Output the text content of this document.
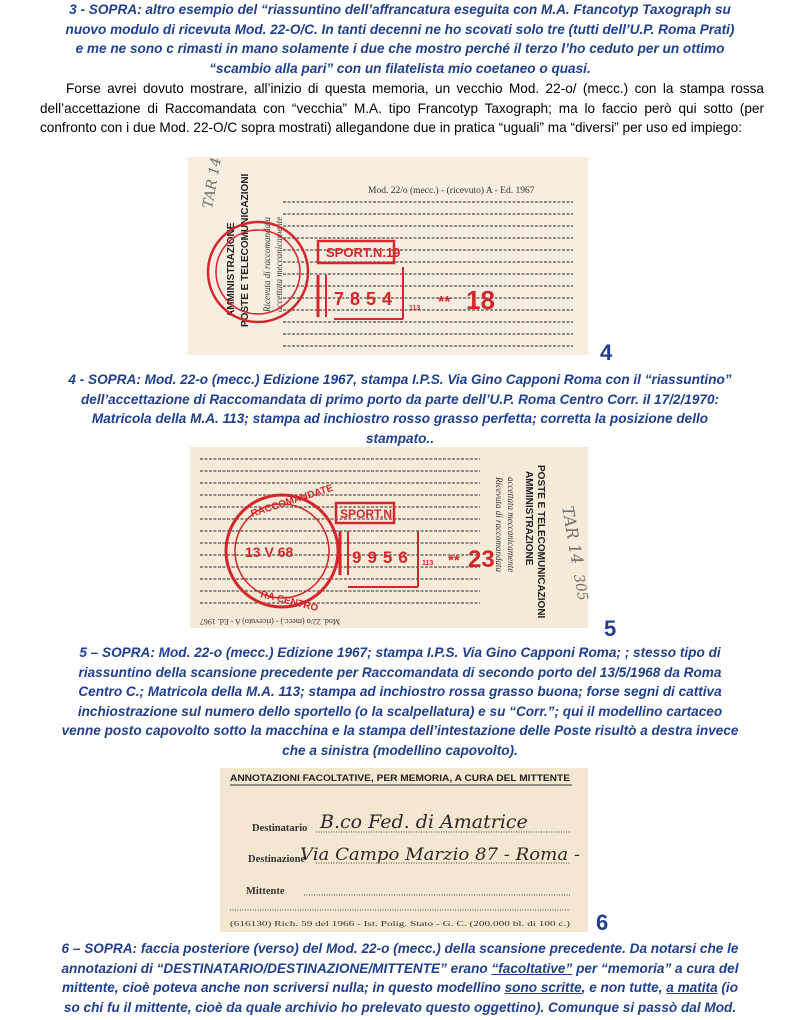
3 - SOPRA: altro esempio del “riassuntino dell’affrancatura eseguita con M.A. Ftancotyp Taxograph su
nuovo modulo di ricevuta Mod. 22-O/C. In tanti decenni ne ho scovati solo tre (tutti dell’U.P. Roma Prati)
e me ne sono c rimasti in mano solamente i due che mostro perché il terzo l’ho ceduto per un ottimo
“scambio alla pari” con un filatelista mio coetaneo o quasi.

Forse avrei dovuto mostrare, all’inizio di questa memoria, un vecchio Mod. 22-o/ (mecc.) con la stampa rossa dell’accettazione di Raccomandata con “vecchia” M.A. tipo Francotyp Taxograph; ma lo faccio però qui sotto (per confronto con i due Mod. 22-O/C sopra mostrati) allegandone due in pratica “uguali” ma “diversi” per uso ed impiego:

Mod. 22/o (mecc.) - (ricevuto) A - Ed. 1967
TAR 14
AMMINISTRAZIONE POSTE E TELECOMUNICAZIONI Ricevuta di raccomandata accettata meccanicamente	SPORT.N.19
7854 113 ** 18
4
4 - SOPRA: Mod. 22-o (mecc.) Edizione 1967, stampa I.P.S. Via Gino Capponi Roma con il “riassuntino”
dell’accettazione di Raccomandata di primo porto da parte dell’U.P. Roma Centro Corr. il 17/2/1970:
Matricola della M.A. 113; stampa ad inchiostro rosso grasso perfetta; corretta la posizione dello
stampato..
RACCOMANDATE
RA CENTRO
13 V 68
SPORT.N.
9956 113 ** 23 Ricevuta di raccomandata accettata meccanicamente AMMINISTRAZIONE POSTE E TELECOMUNICAZIONI TAR 14
305
Mod. 22/o (mecc.) - (ricevuto) A - Ed. 1967	5
5 – SOPRA: Mod. 22-o (mecc.) Edizione 1967; stampa I.P.S. Via Gino Capponi Roma; ; stesso tipo di
riassuntino della scansione precedente per Raccomandata di secondo porto del 13/5/1968 da Roma
Centro C.; Matricola della M.A. 113; stampa ad inchiostro rossa grasso buona; forse segni di cattiva
inchiostrazione sul numero dello sportello (o la scalpellatura) e su “Corr.”; qui il modellino cartaceo
venne posto capovolto sotto la macchina e la stampa dell’intestazione delle Poste risultò a destra invece
che a sinistra (modellino capovolto).
ANNOTAZIONI FACOLTATIVE, PER MEMORIA, A CURA DEL MITTENTE
Destinatario B.co Fed. di Amatrice
Destinazione
Via Campo Marzio 87 - Roma -
Mittente
(616130) Rich. 59 del 1966 - Ist. Polig. Stato - G. C. (200.000 bl. di 100 c.) 6
6 – SOPRA: faccia posteriore (verso) del Mod. 22-o (mecc.) della scansione precedente. Da notarsi che le
annotazioni di “DESTINATARIO/DESTINAZIONE/MITTENTE” erano “facoltative” per “memoria” a cura del
mittente, cioè poteva anche non scriversi nulla; in questo modellino sono scritte, e non tutte, a matita (io
so chi fu il mittente, cioè da quale archivio ho prelevato questo oggettino). Comunque si passò dal Mod.
